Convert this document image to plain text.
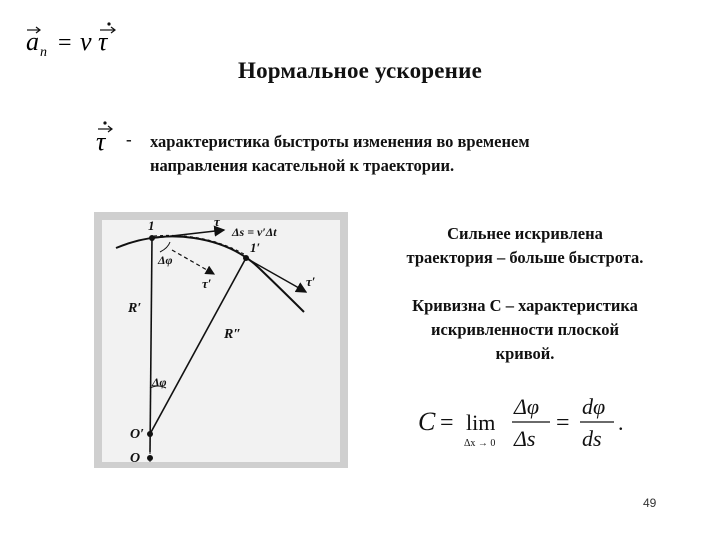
a n = v τ
Нормальное ускорение
τ - характеристика быстроты изменения во временем
направления касательной к траектории.
1	τ
Δs = v′Δt
1′
Δφ
τ′	τ′
R′
R″
Δφ
O′
O
Сильнее искривлена
траектория – больше быстрота.
Кривизна С – характеристика
искривленности плоской
кривой.
C = lim
Δx → 0
Δφ
Δs
=
dφ
ds
.
49
